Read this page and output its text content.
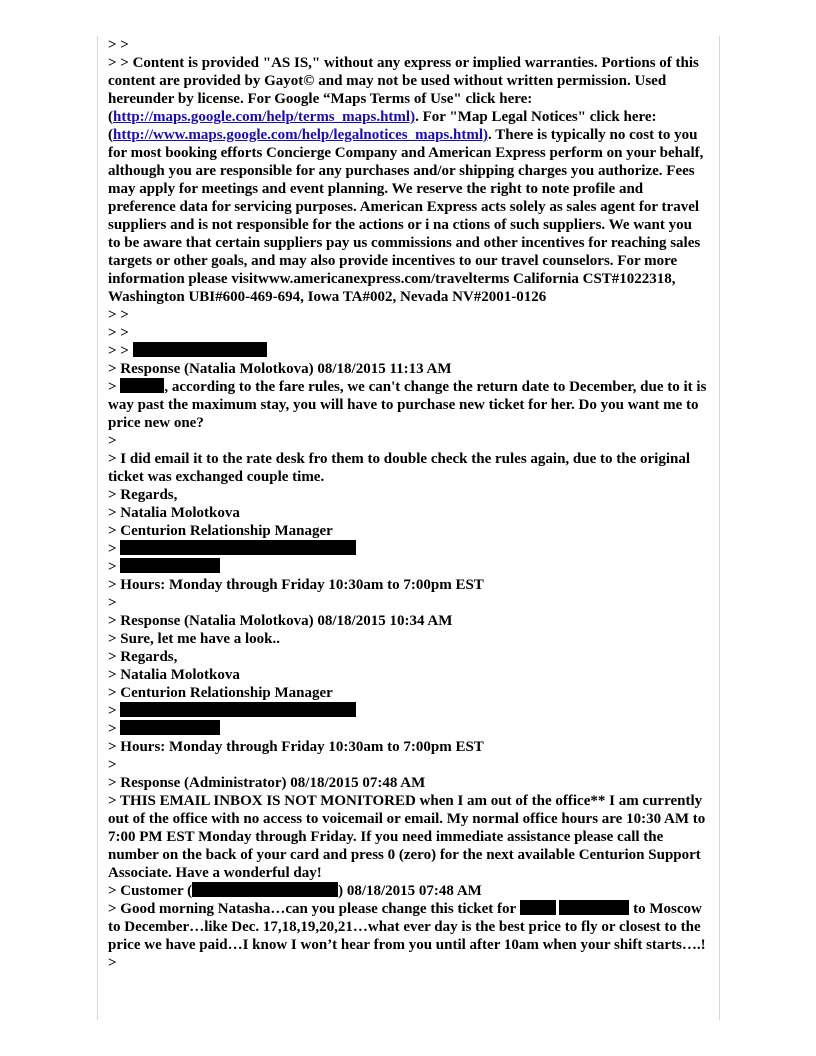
> >
> > Content is provided "AS IS," without any express or implied warranties. Portions of this content are provided by Gayot© and may not be used without written permission. Used hereunder by license. For Google “Maps Terms of Use" click here: (http://maps.google.com/help/terms_maps.html). For "Map Legal Notices" click here: (http://www.maps.google.com/help/legalnotices_maps.html). There is typically no cost to you for most booking efforts Concierge Company and American Express perform on your behalf, although you are responsible for any purchases and/or shipping charges you authorize. Fees may apply for meetings and event planning. We reserve the right to note profile and preference data for servicing purposes. American Express acts solely as sales agent for travel suppliers and is not responsible for the actions or i na ctions of such suppliers. We want you to be aware that certain suppliers pay us commissions and other incentives for reaching sales targets or other goals, and may also provide incentives to our travel counselors. For more information please visitwww.americanexpress.com/travelterms California CST#1022318, Washington UBI#600-469-694, Iowa TA#002, Nevada NV#2001-0126
> >
> >
> >
> Response (Natalia Molotkova) 08/18/2015 11:13 AM
>	, according to the fare rules, we can't change the return date to December, due to it is way past the maximum stay, you will have to purchase new ticket for her. Do you want me to price new one?
>
> I did email it to the rate desk fro them to double check the rules again, due to the original ticket was exchanged couple time.
> Regards,
> Natalia Molotkova
> Centurion Relationship Manager
>
>
> Hours: Monday through Friday 10:30am to 7:00pm EST
>
> Response (Natalia Molotkova) 08/18/2015 10:34 AM
> Sure, let me have a look..
> Regards,
> Natalia Molotkova
> Centurion Relationship Manager
>
>
> Hours: Monday through Friday 10:30am to 7:00pm EST
>
> Response (Administrator) 08/18/2015 07:48 AM
> THIS EMAIL INBOX IS NOT MONITORED when I am out of the office** I am currently out of the office with no access to voicemail or email. My normal office hours are 10:30 AM to 7:00 PM EST Monday through Friday. If you need immediate assistance please call the number on the back of your card and press 0 (zero) for the next available Centurion Support Associate. Have a wonderful day!
> Customer (	) 08/18/2015 07:48 AM
> Good morning Natasha…can you please change this ticket for	to Moscow to December…like Dec. 17,18,19,20,21…what ever day is the best price to fly or closest to the price we have paid…I know I won’t hear from you until after 10am when your shift starts….!
>
